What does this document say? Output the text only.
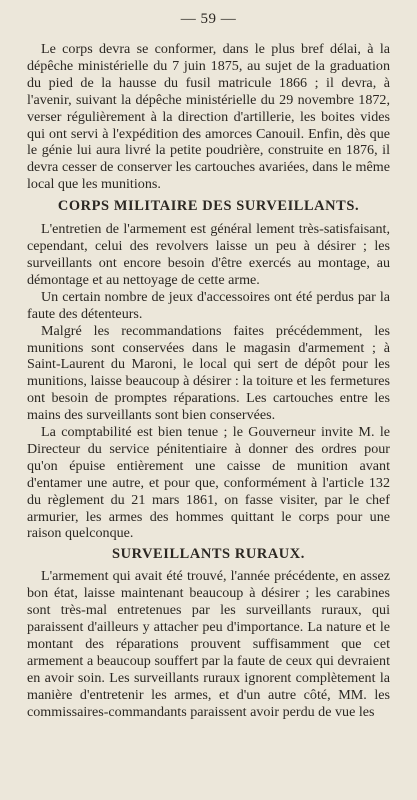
— 59 —

Le corps devra se conformer, dans le plus bref délai, à la dépêche ministérielle du 7 juin 1875, au sujet de la graduation du pied de la hausse du fusil matricule 1866 ; il devra, à l'avenir, suivant la dépêche ministérielle du 29 novembre 1872, verser régulièrement à la direction d'artillerie, les boites vides qui ont servi à l'expédition des amorces Canouil. Enfin, dès que le génie lui aura livré la petite poudrière, construite en 1876, il devra cesser de conserver les cartouches avariées, dans le même local que les munitions.

CORPS MILITAIRE DES SURVEILLANTS.

L'entretien de l'armement est général lement très-satisfaisant, cependant, celui des revolvers laisse un peu à désirer ; les surveillants ont encore besoin d'être exercés au montage, au démontage et au nettoyage de cette arme.

Un certain nombre de jeux d'accessoires ont été perdus par la faute des détenteurs.

Malgré les recommandations faites précédemment, les munitions sont conservées dans le magasin d'armement ; à Saint-Laurent du Maroni, le local qui sert de dépôt pour les munitions, laisse beaucoup à désirer : la toiture et les fermetures ont besoin de promptes réparations. Les cartouches entre les mains des surveillants sont bien conservées.

La comptabilité est bien tenue ; le Gouverneur invite M. le Directeur du service pénitentiaire à donner des ordres pour qu'on épuise entièrement une caisse de munition avant d'entamer une autre, et pour que, conformément à l'article 132 du règlement du 21 mars 1861, on fasse visiter, par le chef armurier, les armes des hommes quittant le corps pour une raison quelconque.

SURVEILLANTS RURAUX.

L'armement qui avait été trouvé, l'année précédente, en assez bon état, laisse maintenant beaucoup à désirer ; les carabines sont très-mal entretenues par les surveillants ruraux, qui paraissent d'ailleurs y attacher peu d'importance. La nature et le montant des réparations prouvent suffisamment que cet armement a beaucoup souffert par la faute de ceux qui devraient en avoir soin. Les surveillants ruraux ignorent complètement la manière d'entretenir les armes, et d'un autre côté, MM. les commissaires-commandants paraissent avoir perdu de vue les
